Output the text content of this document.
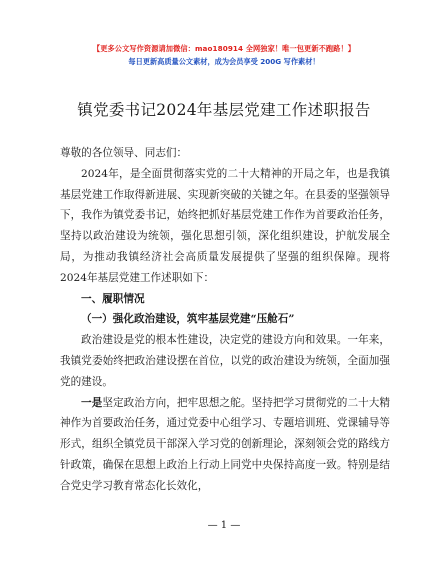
【更多公文写作资源请加微信：mao180914 全网独家！唯一包更新不跑路！】
每日更新高质量公文素材，成为会员享受 200G 写作素材！
镇党委书记2024年基层党建工作述职报告

尊敬的各位领导、同志们：

2024年，是全面贯彻落实党的二十大精神的开局之年，也是我镇基层党建工作取得新进展、实现新突破的关键之年。在县委的坚强领导下，我作为镇党委书记，始终把抓好基层党建工作作为首要政治任务，坚持以政治建设为统领，强化思想引领，深化组织建设，护航发展全局，为推动我镇经济社会高质量发展提供了坚强的组织保障。现将2024年基层党建工作述职如下：

一、履职情况

（一）强化政治建设，筑牢基层党建“压舱石”

政治建设是党的根本性建设，决定党的建设方向和效果。一年来，我镇党委始终把政治建设摆在首位，以党的政治建设为统领，全面加强党的建设。

一是坚定政治方向，把牢思想之舵。坚持把学习贯彻党的二十大精神作为首要政治任务，通过党委中心组学习、专题培训班、党课辅导等形式，组织全镇党员干部深入学习党的创新理论，深刻领会党的路线方针政策，确保在思想上政治上行动上同党中央保持高度一致。特别是结合党史学习教育常态化长效化，

— 1 —
